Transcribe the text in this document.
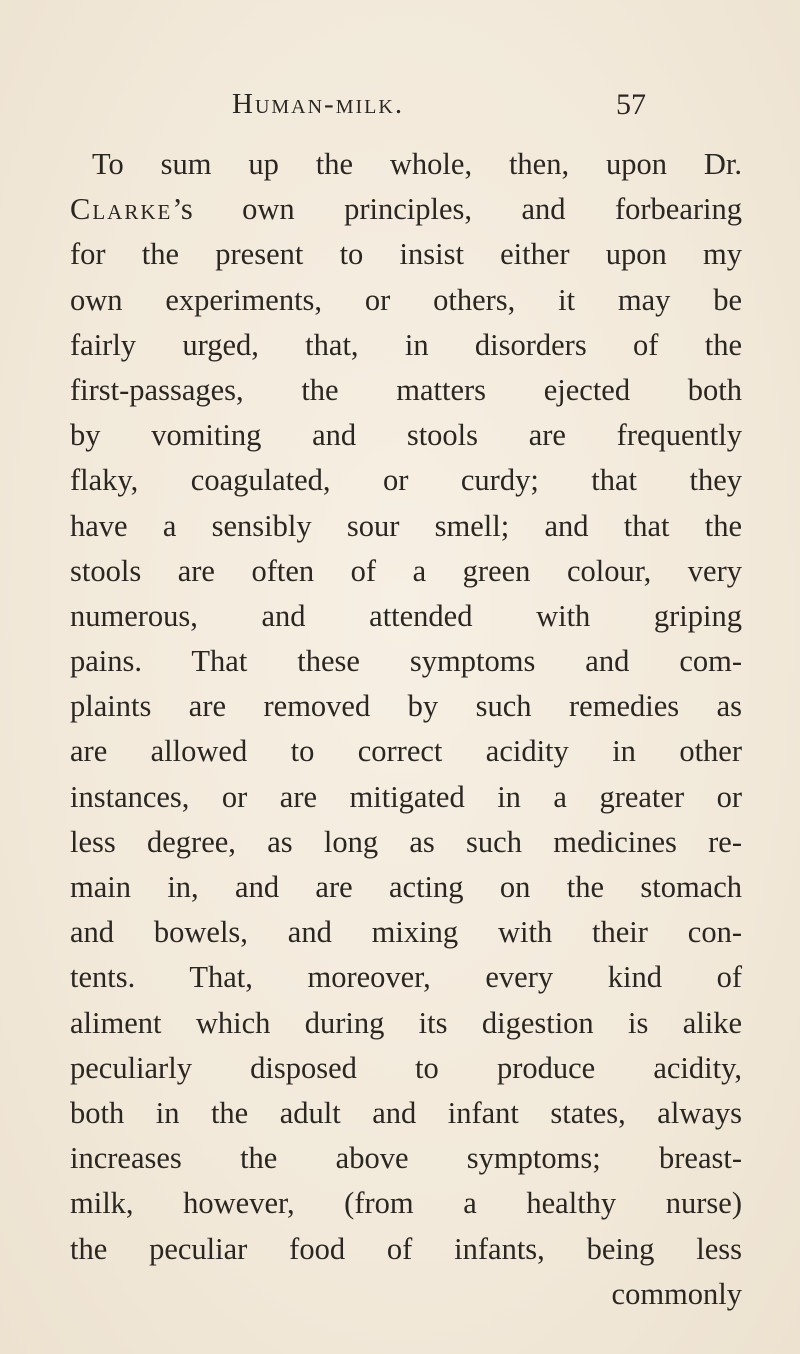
Human-milk.	57
To sum up the whole, then, upon Dr.
Clarke’s own principles, and forbearing
for the present to insist either upon my
own experiments, or others, it may be
fairly urged, that, in disorders of the
first-passages, the matters ejected both
by vomiting and stools are frequently
flaky, coagulated, or curdy; that they
have a sensibly sour smell; and that the
stools are often of a green colour, very
numerous, and attended with griping
pains. That these symptoms and com-
plaints are removed by such remedies as
are allowed to correct acidity in other
instances, or are mitigated in a greater or
less degree, as long as such medicines re-
main in, and are acting on the stomach
and bowels, and mixing with their con-
tents. That, moreover, every kind of
aliment which during its digestion is alike
peculiarly disposed to produce acidity,
both in the adult and infant states, always
increases the above symptoms; breast-
milk, however, (from a healthy nurse)
the peculiar food of infants, being less
commonly
